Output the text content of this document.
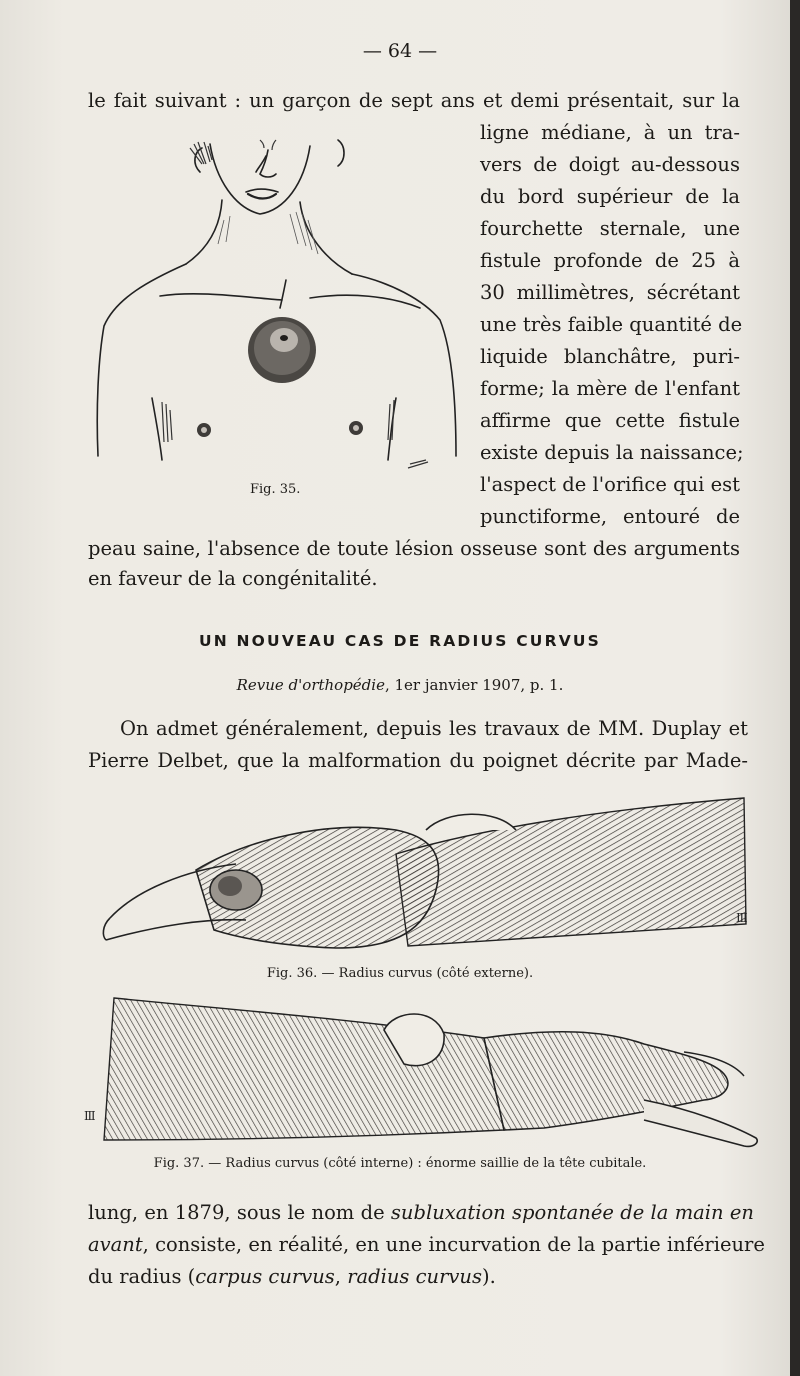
— 64 —
le fait suivant : un garçon de sept ans et demi présentait, sur la
ligne médiane, à un tra-
vers de doigt au-dessous
du bord supérieur de la
fourchette sternale, une
fistule profonde de 25 à
30 millimètres, sécrétant
une très faible quantité de
liquide blanchâtre, puri-
forme; la mère de l'enfant
affirme que cette fistule
existe depuis la naissance;
l'aspect de l'orifice qui est
punctiforme, entouré de
peau saine, l'absence de toute lésion osseuse sont des arguments
en faveur de la congénitalité.
Fig. 35.
UN NOUVEAU CAS DE RADIUS CURVUS
Revue d'orthopédie, 1er janvier 1907, p. 1.
On admet généralement, depuis les travaux de MM. Duplay et
Pierre Delbet, que la malformation du poignet décrite par Made-
Ⅲ
Fig. 36. — Radius curvus (côté externe).
Ⅲ
Fig. 37. — Radius curvus (côté interne) : énorme saillie de la tête cubitale.
lung, en 1879, sous le nom de subluxation spontanée de la main en
avant, consiste, en réalité, en une incurvation de la partie inférieure
du radius (carpus curvus, radius curvus).
